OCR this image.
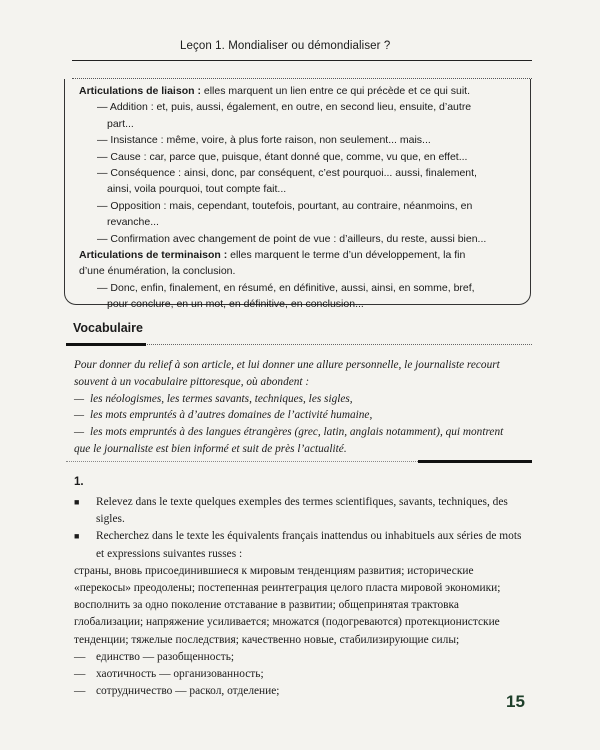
Leçon 1. Mondialiser ou démondialiser ?

Articulations de liaison : elles marquent un lien entre ce qui précède et ce qui suit.

— Addition : et, puis, aussi, également, en outre, en second lieu, ensuite, d’autre
part...

— Insistance : même, voire, à plus forte raison, non seulement... mais...

— Cause : car, parce que, puisque, étant donné que, comme, vu que, en effet...

— Conséquence : ainsi, donc, par conséquent, c’est pourquoi... aussi, finalement,
ainsi, voila pourquoi, tout compte fait...

— Opposition : mais, cependant, toutefois, pourtant, au contraire, néanmoins, en
revanche...

— Confirmation avec changement de point de vue : d’ailleurs, du reste, aussi bien...

Articulations de terminaison : elles marquent le terme d’un développement, la fin

d’une énumération, la conclusion.

— Donc, enfin, finalement, en résumé, en définitive, aussi, ainsi, en somme, bref,
pour conclure, en un mot, en définitive, en conclusion...

Vocabulaire

Pour donner du relief à son article, et lui donner une allure personnelle, le journaliste recourt

souvent à un vocabulaire pittoresque, où abondent :

— les néologismes, les termes savants, techniques, les sigles,

— les mots empruntés à d’autres domaines de l’activité humaine,

— les mots empruntés à des langues étrangères (grec, latin, anglais notamment), qui montrent

que le journaliste est bien informé et suit de près l’actualité.

1.

■	Relevez dans le texte quelques exemples des termes scientifiques, savants, techniques, des sigles.

■	Recherchez dans le texte les équivalents français inattendus ou inhabituels aux séries de mots et expressions suivantes russes :

страны, вновь присоединившиеся к мировым тенденциям развития; исторические «перекосы» преодолены; постепенная реинтеграция целого пласта мировой экономики; восполнить за одно поколение отставание в развитии; общепринятая трактовка глобализации; напряжение усиливается; множатся (подогреваются) протекционистские тенденции; тяжелые последствия; качественно новые, стабилизирующие силы;

— единство — разобщенность;

— хаотичность — организованность;

— сотрудничество — раскол, отделение;

15
